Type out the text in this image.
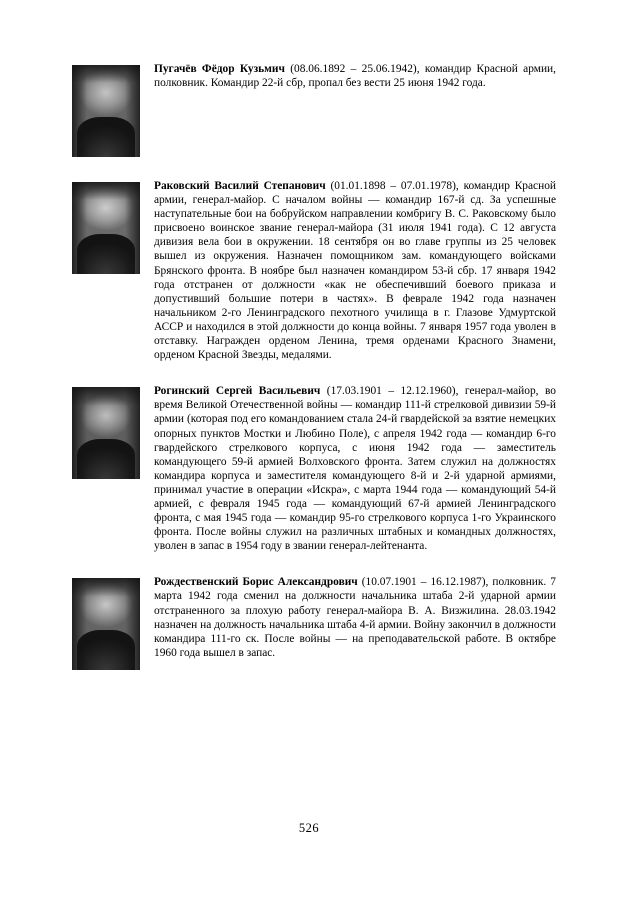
Пугачёв Фёдор Кузьмич (08.06.1892 – 25.06.1942), командир Красной армии, полковник. Командир 22-й сбр, пропал без вести 25 июня 1942 года.
Раковский Василий Степанович (01.01.1898 – 07.01.1978), командир Красной армии, генерал-майор. С началом войны — командир 167-й сд. За успешные наступательные бои на бобруйском направлении комбригу В. С. Раковскому было присвоено воинское звание генерал-майора (31 июля 1941 года). С 12 августа дивизия вела бои в окружении. 18 сентября он во главе группы из 25 человек вышел из окружения. Назначен помощником зам. командующего войсками Брянского фронта. В ноябре был назначен командиром 53-й сбр. 17 января 1942 года отстранен от должности «как не обеспечивший боевого приказа и допустивший большие потери в частях». В феврале 1942 года назначен начальником 2-го Ленинградского пехотного училища в г. Глазове Удмуртской АССР и находился в этой должности до конца войны. 7 января 1957 года уволен в отставку. Награжден орденом Ленина, тремя орденами Красного Знамени, орденом Красной Звезды, медалями.
Рогинский Сергей Васильевич (17.03.1901 – 12.12.1960), генерал-майор, во время Великой Отечественной войны — командир 111-й стрелковой дивизии 59-й армии (которая под его командованием стала 24-й гвардейской за взятие немецких опорных пунктов Мостки и Любино Поле), с апреля 1942 года — командир 6-го гвардейского стрелкового корпуса, с июня 1942 года — заместитель командующего 59-й армией Волховского фронта. Затем служил на должностях командира корпуса и заместителя командующего 8-й и 2-й ударной армиями, принимал участие в операции «Искра», с марта 1944 года — командующий 54-й армией, с февраля 1945 года — командующий 67-й армией Ленинградского фронта, с мая 1945 года — командир 95-го стрелкового корпуса 1-го Украинского фронта. После войны служил на различных штабных и командных должностях, уволен в запас в 1954 году в звании генерал-лейтенанта.
Рождественский Борис Александрович (10.07.1901 – 16.12.1987), полковник. 7 марта 1942 года сменил на должности начальника штаба 2-й ударной армии отстраненного за плохую работу генерал-майора В. А. Визжилина. 28.03.1942 назначен на должность начальника штаба 4-й армии. Войну закончил в должности командира 111-го ск. После войны — на преподавательской работе. В октябре 1960 года вышел в запас.
526
